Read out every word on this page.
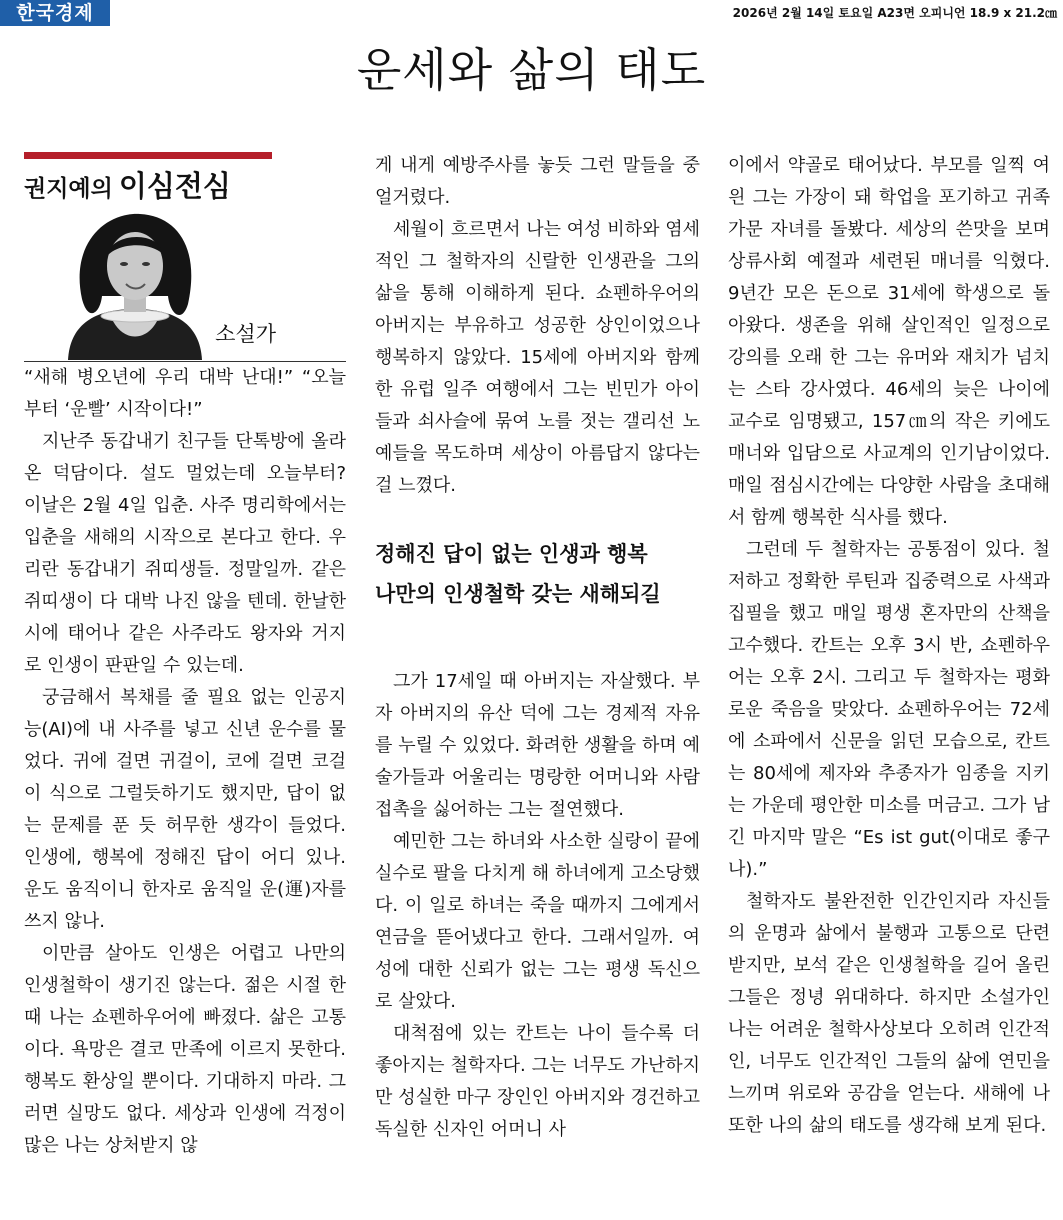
한국경제	2026년 2월 14일 토요일 A23면 오피니언 18.9 x 21.2㎝
운세와 삶의 태도
권지예의 이심전심
소설가

“새해 병오년에 우리 대박 난대!” “오늘부터 ‘운빨’ 시작이다!”

지난주 동갑내기 친구들 단톡방에 올라온 덕담이다. 설도 멀었는데 오늘부터? 이날은 2월 4일 입춘. 사주 명리학에서는 입춘을 새해의 시작으로 본다고 한다. 우리란 동갑내기 쥐띠생들. 정말일까. 같은 쥐띠생이 다 대박 나진 않을 텐데. 한날한시에 태어나 같은 사주라도 왕자와 거지로 인생이 판판일 수 있는데.

궁금해서 복채를 줄 필요 없는 인공지능(AI)에 내 사주를 넣고 신년 운수를 물었다. 귀에 걸면 귀걸이, 코에 걸면 코걸이 식으로 그럴듯하기도 했지만, 답이 없는 문제를 푼 듯 허무한 생각이 들었다. 인생에, 행복에 정해진 답이 어디 있나. 운도 움직이니 한자로 움직일 운(運)자를 쓰지 않나.

이만큼 살아도 인생은 어렵고 나만의 인생철학이 생기진 않는다. 젊은 시절 한때 나는 쇼펜하우어에 빠졌다. 삶은 고통이다. 욕망은 결코 만족에 이르지 못한다. 행복도 환상일 뿐이다. 기대하지 마라. 그러면 실망도 없다. 세상과 인생에 걱정이 많은 나는 상처받지 않

게 내게 예방주사를 놓듯 그런 말들을 중얼거렸다.

세월이 흐르면서 나는 여성 비하와 염세적인 그 철학자의 신랄한 인생관을 그의 삶을 통해 이해하게 된다. 쇼펜하우어의 아버지는 부유하고 성공한 상인이었으나 행복하지 않았다. 15세에 아버지와 함께한 유럽 일주 여행에서 그는 빈민가 아이들과 쇠사슬에 묶여 노를 젓는 갤리선 노예들을 목도하며 세상이 아름답지 않다는 걸 느꼈다.

정해진 답이 없는 인생과 행복
나만의 인생철학 갖는 새해되길

그가 17세일 때 아버지는 자살했다. 부자 아버지의 유산 덕에 그는 경제적 자유를 누릴 수 있었다. 화려한 생활을 하며 예술가들과 어울리는 명랑한 어머니와 사람 접촉을 싫어하는 그는 절연했다.

예민한 그는 하녀와 사소한 실랑이 끝에 실수로 팔을 다치게 해 하녀에게 고소당했다. 이 일로 하녀는 죽을 때까지 그에게서 연금을 뜯어냈다고 한다. 그래서일까. 여성에 대한 신뢰가 없는 그는 평생 독신으로 살았다.

대척점에 있는 칸트는 나이 들수록 더 좋아지는 철학자다. 그는 너무도 가난하지만 성실한 마구 장인인 아버지와 경건하고 독실한 신자인 어머니 사

이에서 약골로 태어났다. 부모를 일찍 여읜 그는 가장이 돼 학업을 포기하고 귀족 가문 자녀를 돌봤다. 세상의 쓴맛을 보며 상류사회 예절과 세련된 매너를 익혔다. 9년간 모은 돈으로 31세에 학생으로 돌아왔다. 생존을 위해 살인적인 일정으로 강의를 오래 한 그는 유머와 재치가 넘치는 스타 강사였다. 46세의 늦은 나이에 교수로 임명됐고, 157㎝의 작은 키에도 매너와 입담으로 사교계의 인기남이었다. 매일 점심시간에는 다양한 사람을 초대해서 함께 행복한 식사를 했다.

그런데 두 철학자는 공통점이 있다. 철저하고 정확한 루틴과 집중력으로 사색과 집필을 했고 매일 평생 혼자만의 산책을 고수했다. 칸트는 오후 3시 반, 쇼펜하우어는 오후 2시. 그리고 두 철학자는 평화로운 죽음을 맞았다. 쇼펜하우어는 72세에 소파에서 신문을 읽던 모습으로, 칸트는 80세에 제자와 추종자가 임종을 지키는 가운데 평안한 미소를 머금고. 그가 남긴 마지막 말은 “Es ist gut(이대로 좋구나).”

철학자도 불완전한 인간인지라 자신들의 운명과 삶에서 불행과 고통으로 단련 받지만, 보석 같은 인생철학을 길어 올린 그들은 정녕 위대하다. 하지만 소설가인 나는 어려운 철학사상보다 오히려 인간적인, 너무도 인간적인 그들의 삶에 연민을 느끼며 위로와 공감을 얻는다. 새해에 나 또한 나의 삶의 태도를 생각해 보게 된다.
